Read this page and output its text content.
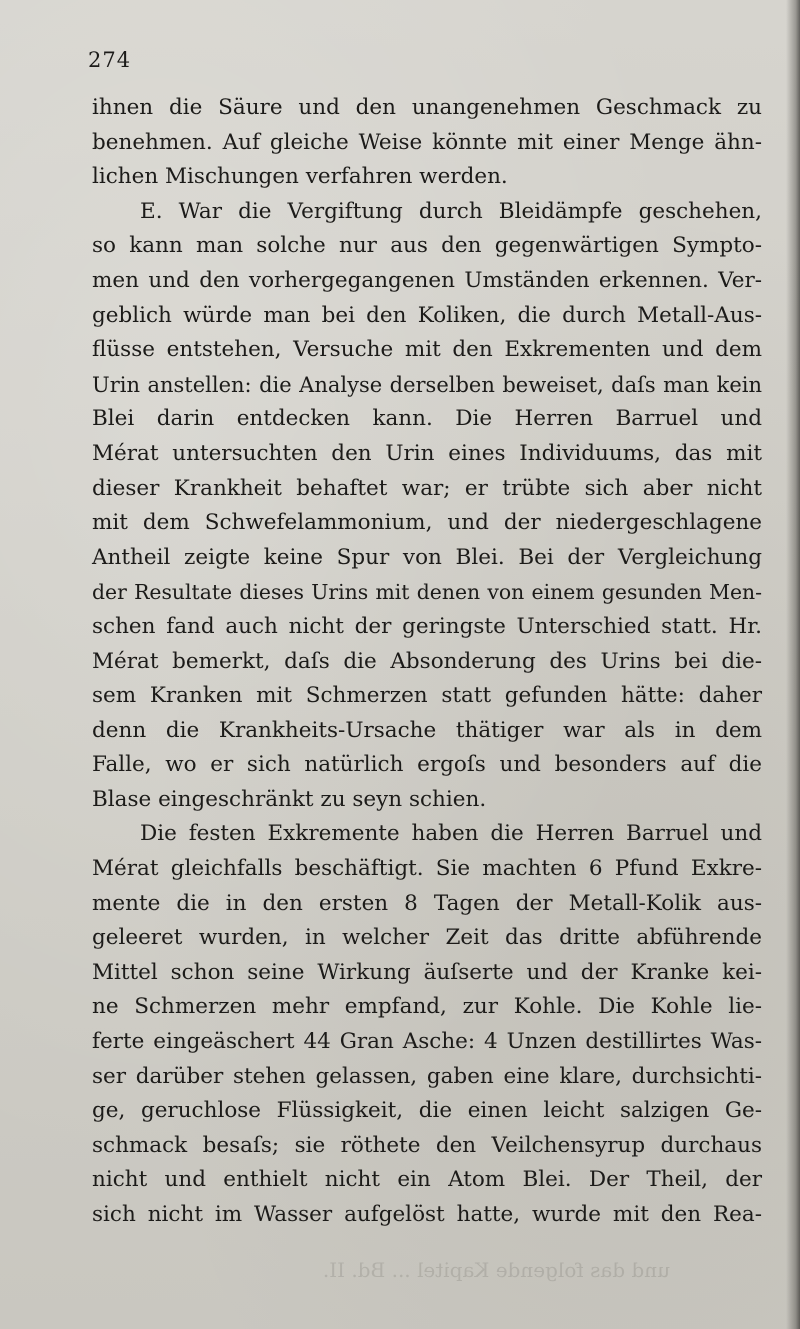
und das folgende Kapitel ... Bd. II.
274
ihnen die Säure und den unangenehmen Geschmack zu
benehmen. Auf gleiche Weise könnte mit einer Menge ähn-
lichen Mischungen verfahren werden.
E. War die Vergiftung durch Bleidämpfe geschehen,
so kann man solche nur aus den gegenwärtigen Sympto-
men und den vorhergegangenen Umständen erkennen. Ver-
geblich würde man bei den Koliken, die durch Metall-Aus-
flüsse entstehen, Versuche mit den Exkrementen und dem
Urin anstellen: die Analyse derselben beweiset, daſs man kein
Blei darin entdecken kann. Die Herren Barruel und
Mérat untersuchten den Urin eines Individuums, das mit
dieser Krankheit behaftet war; er trübte sich aber nicht
mit dem Schwefelammonium, und der niedergeschlagene
Antheil zeigte keine Spur von Blei. Bei der Vergleichung
der Resultate dieses Urins mit denen von einem gesunden Men-
schen fand auch nicht der geringste Unterschied statt. Hr.
Mérat bemerkt, daſs die Absonderung des Urins bei die-
sem Kranken mit Schmerzen statt gefunden hätte: daher
denn die Krankheits-Ursache thätiger war als in dem
Falle, wo er sich natürlich ergoſs und besonders auf die
Blase eingeschränkt zu seyn schien.
Die festen Exkremente haben die Herren Barruel und
Mérat gleichfalls beschäftigt. Sie machten 6 Pfund Exkre-
mente die in den ersten 8 Tagen der Metall-Kolik aus-
geleeret wurden, in welcher Zeit das dritte abführende
Mittel schon seine Wirkung äuſserte und der Kranke kei-
ne Schmerzen mehr empfand, zur Kohle. Die Kohle lie-
ferte eingeäschert 44 Gran Asche: 4 Unzen destillirtes Was-
ser darüber stehen gelassen, gaben eine klare, durchsichti-
ge, geruchlose Flüssigkeit, die einen leicht salzigen Ge-
schmack besaſs; sie röthete den Veilchensyrup durchaus
nicht und enthielt nicht ein Atom Blei. Der Theil, der
sich nicht im Wasser aufgelöst hatte, wurde mit den Rea-
